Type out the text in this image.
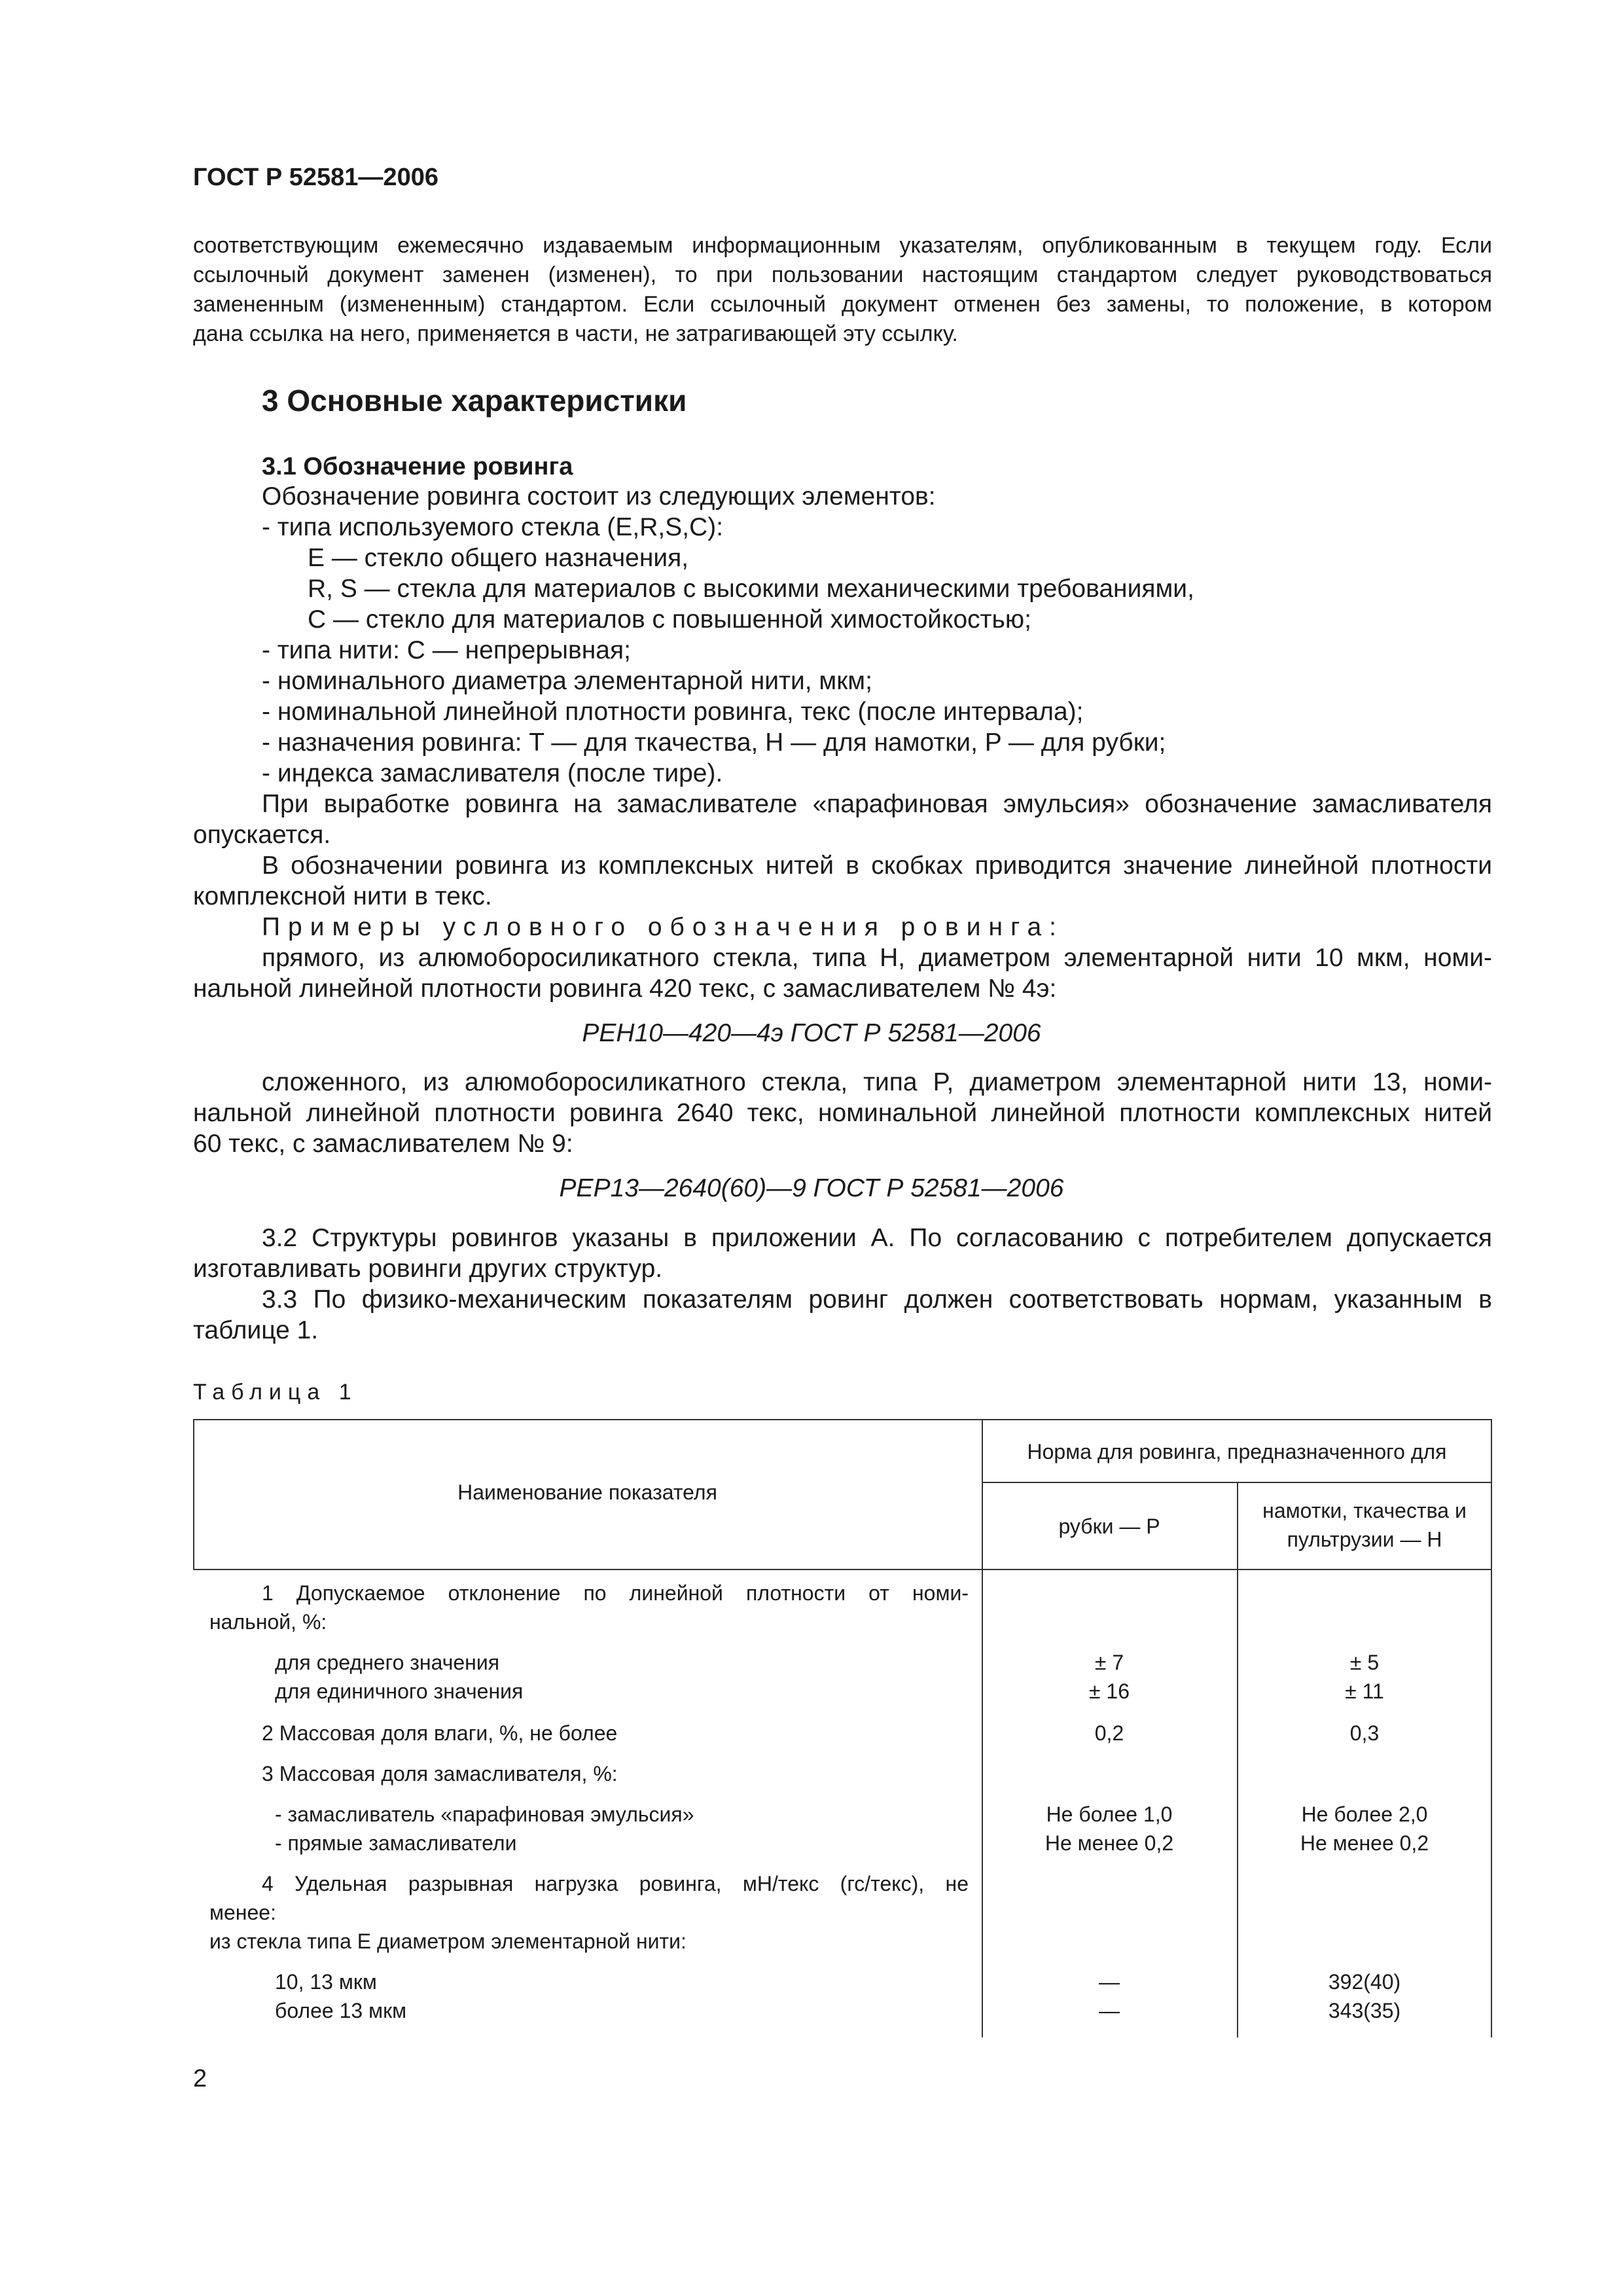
ГОСТ Р 52581—2006

соответствующим ежемесячно издаваемым информационным указателям, опубликованным в текущем году. Если

ссылочный документ заменен (изменен), то при пользовании настоящим стандартом следует руководствоваться

замененным (измененным) стандартом. Если ссылочный документ отменен без замены, то положение, в котором

дана ссылка на него, применяется в части, не затрагивающей эту ссылку.

3 Основные характеристики
3.1 Обозначение ровинга

Обозначение ровинга состоит из следующих элементов:

- типа используемого стекла (E,R,S,C):

E — стекло общего назначения,

R, S — стекла для материалов с высокими механическими требованиями,

C — стекло для материалов с повышенной химостойкостью;

- типа нити: C — непрерывная;

- номинального диаметра элементарной нити, мкм;

- номинальной линейной плотности ровинга, текс (после интервала);

- назначения ровинга: T — для ткачества, H — для намотки, P — для рубки;

- индекса замасливателя (после тире).

При выработке ровинга на замасливателе «парафиновая эмульсия» обозначение замасливателя

опускается.

В обозначении ровинга из комплексных нитей в скобках приводится значение линейной плотности

комплексной нити в текс.

Примеры условного обозначения ровинга:

прямого, из алюмоборосиликатного стекла, типа H, диаметром элементарной нити 10 мкм, номи-

нальной линейной плотности ровинга 420 текс, с замасливателем № 4э:

PEH10—420—4э ГОСТ Р 52581—2006

сложенного, из алюмоборосиликатного стекла, типа P, диаметром элементарной нити 13, номи-

нальной линейной плотности ровинга 2640 текс, номинальной линейной плотности комплексных нитей

60 текс, с замасливателем № 9:

PEP13—2640(60)—9 ГОСТ Р 52581—2006

3.2 Структуры ровингов указаны в приложении А. По согласованию с потребителем допускается

изготавливать ровинги других структур.

3.3 По физико-механическим показателям ровинг должен соответствовать нормам, указанным в

таблице 1.

Таблица 1
Наименование показателя
Норма для ровинга, предназначенного для
рубки — P
намотки, ткачества и
пультрузии — H
1 Допускаемое отклонение по линейной плотности от номи-
нальной, %:
для среднего значения
для единичного значения
± 7
± 16
± 5
± 11
2 Массовая доля влаги, %, не более	0,2	0,3
3 Массовая доля замасливателя, %:
- замасливатель «парафиновая эмульсия»
- прямые замасливатели
Не более 1,0
Не менее 0,2
Не более 2,0
Не менее 0,2
4 Удельная разрывная нагрузка ровинга, мН/текс (гс/текс), не
менее:
из стекла типа E диаметром элементарной нити:
10, 13 мкм
более 13 мкм
—
—
392(40)
343(35)
2
